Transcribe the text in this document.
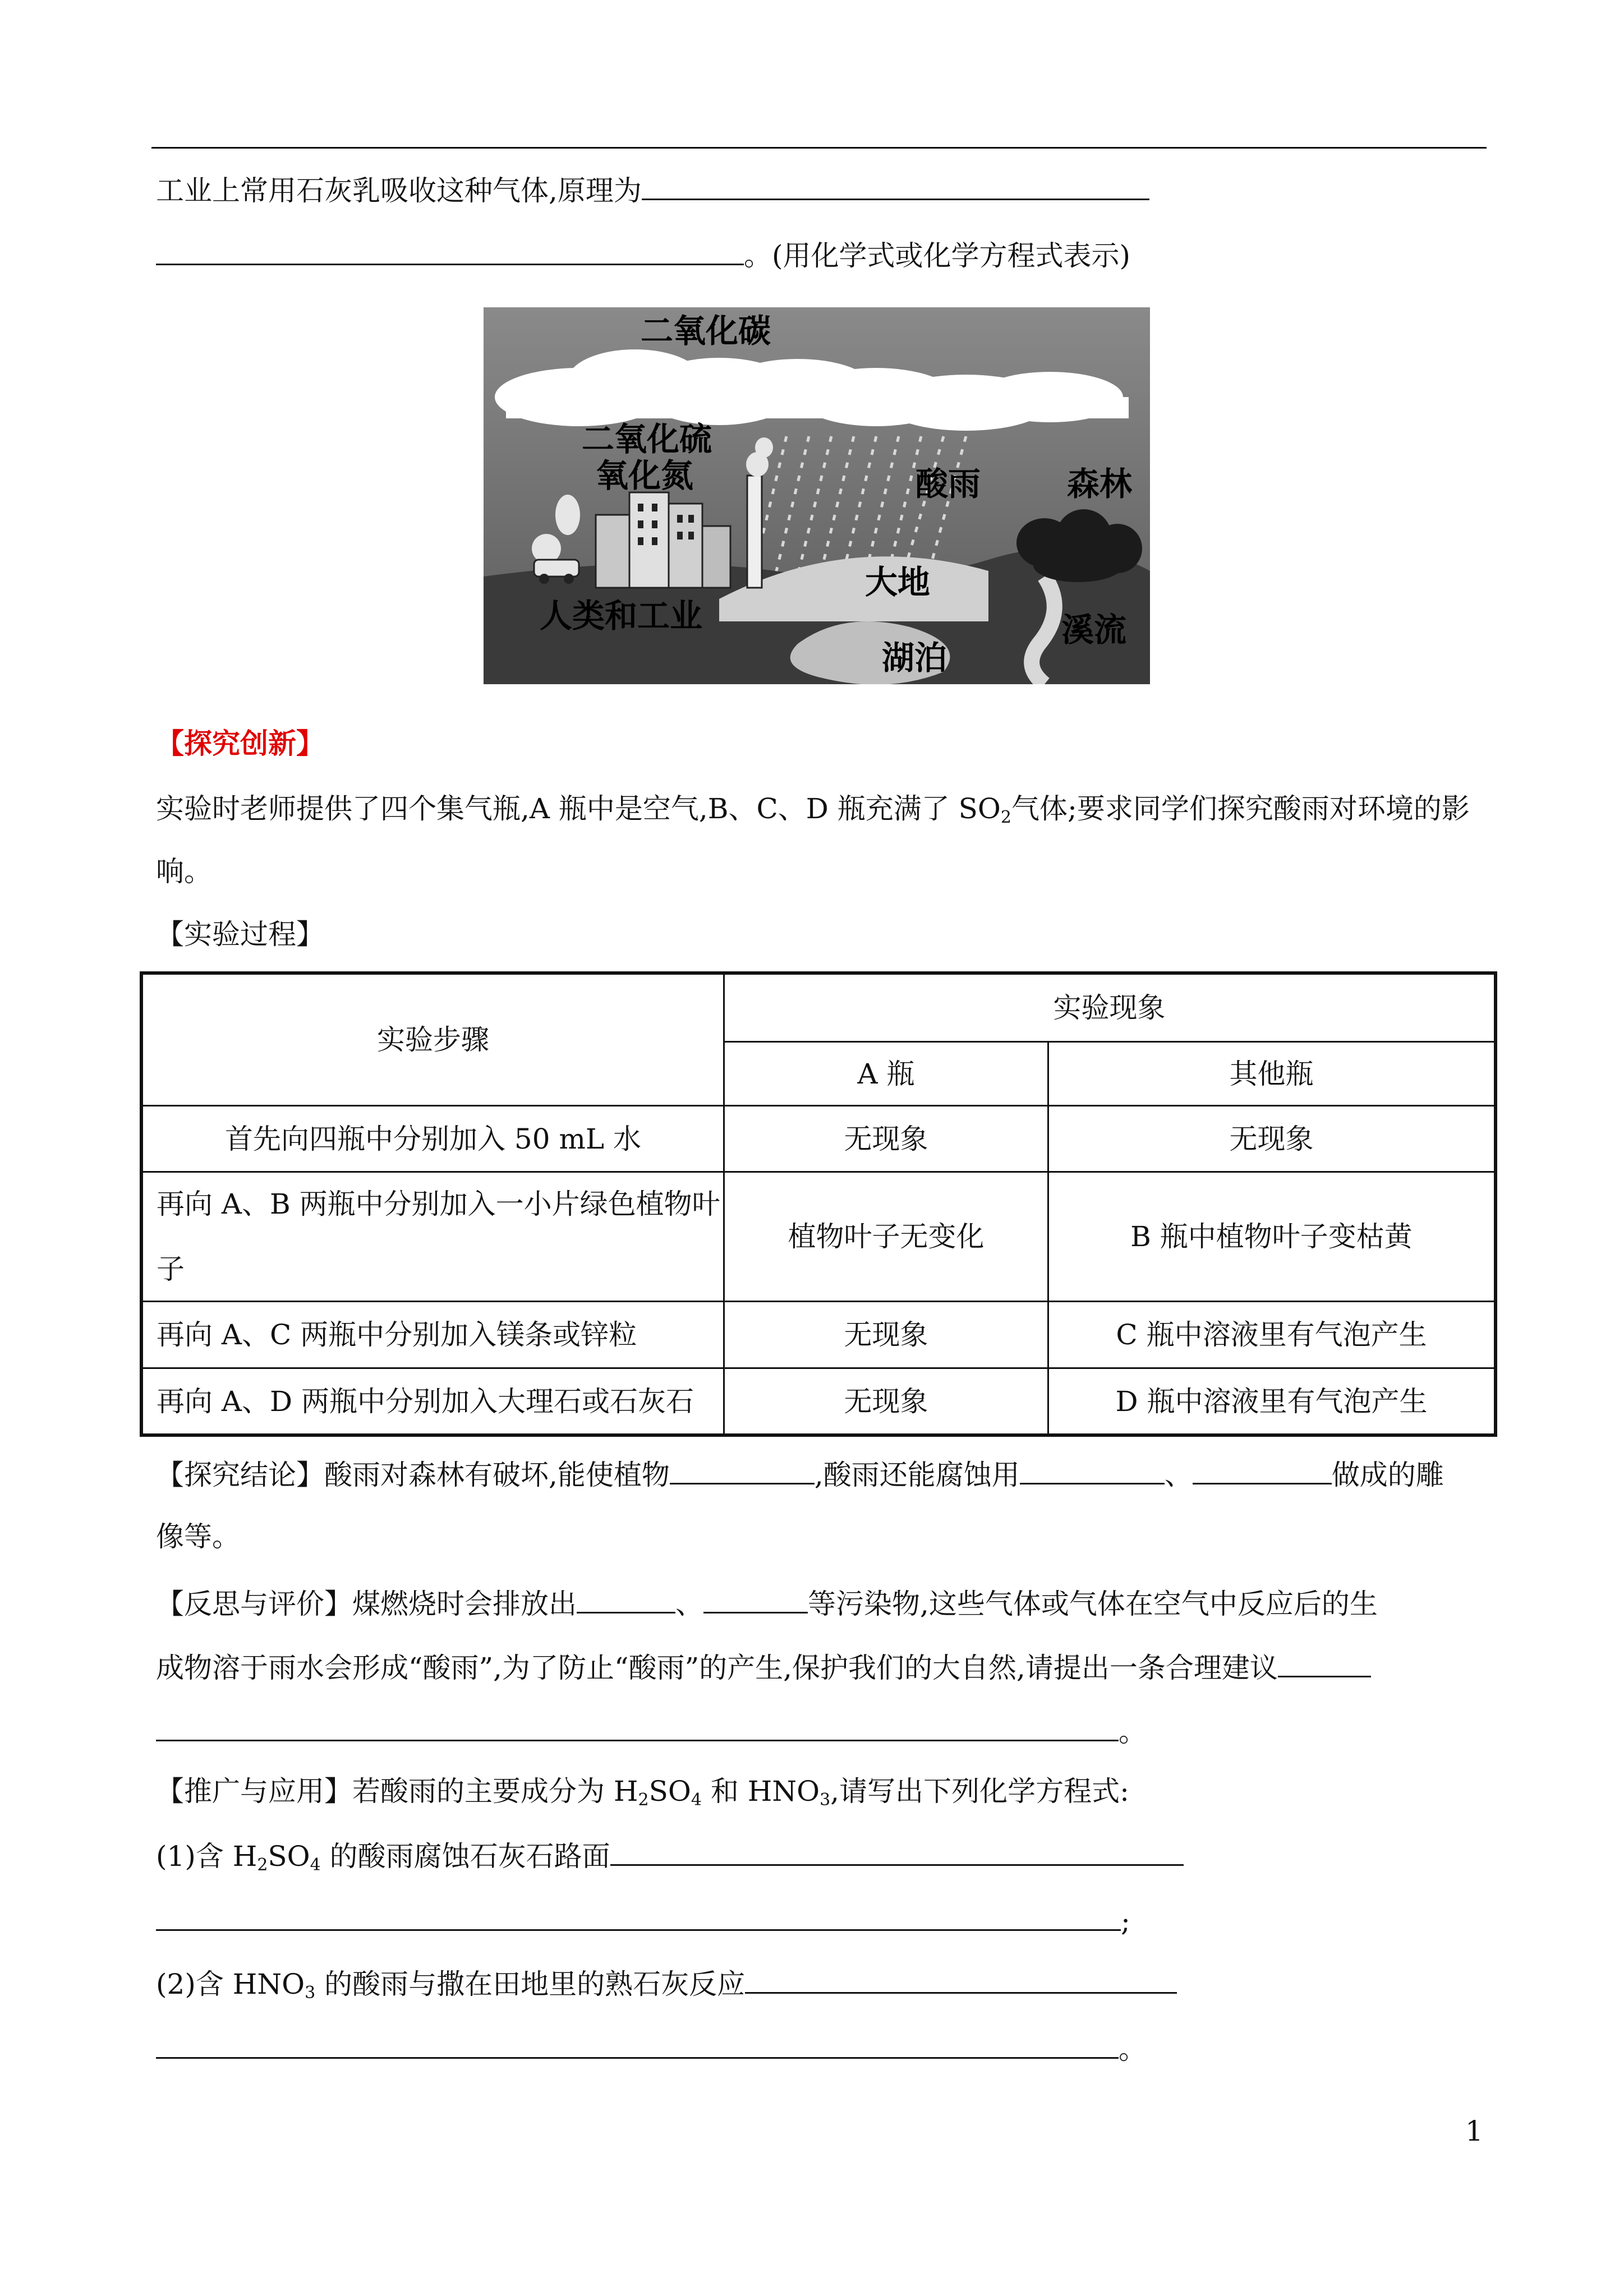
工业上常用石灰乳吸收这种气体,原理为
。(用化学式或化学方程式表示)
二氧化碳
二氧化硫
氧化氮	酸雨	森林
人类和工业
大地
溪流
湖泊
【探究创新】
实验时老师提供了四个集气瓶,A 瓶中是空气,B、C、D 瓶充满了 $SO_2$气体;要求同学们探究酸雨对环境的影
响。
【实验过程】
实验步骤
实验现象
A 瓶	其他瓶
首先向四瓶中分别加入 50 mL 水	无现象	无现象
再向 A、B 两瓶中分别加入一小片绿色植物叶
子
植物叶子无变化	B 瓶中植物叶子变枯黄
再向 A、C 两瓶中分别加入镁条或锌粒	无现象	C 瓶中溶液里有气泡产生
再向 A、D 两瓶中分别加入大理石或石灰石	无现象	D 瓶中溶液里有气泡产生
【探究结论】酸雨对森林有破坏,能使植物	,酸雨还能腐蚀用	、	做成的雕
像等。
【反思与评价】煤燃烧时会排放出	、	等污染物,这些气体或气体在空气中反应后的生
成物溶于雨水会形成“酸雨”,为了防止“酸雨”的产生,保护我们的大自然,请提出一条合理建议
。
【推广与应用】若酸雨的主要成分为 $H_2SO_4$ 和 $HNO_3$,请写出下列化学方程式:
(1)含 $H_2SO_4$ 的酸雨腐蚀石灰石路面
;
(2)含 $HNO_3$ 的酸雨与撒在田地里的熟石灰反应
。
1
